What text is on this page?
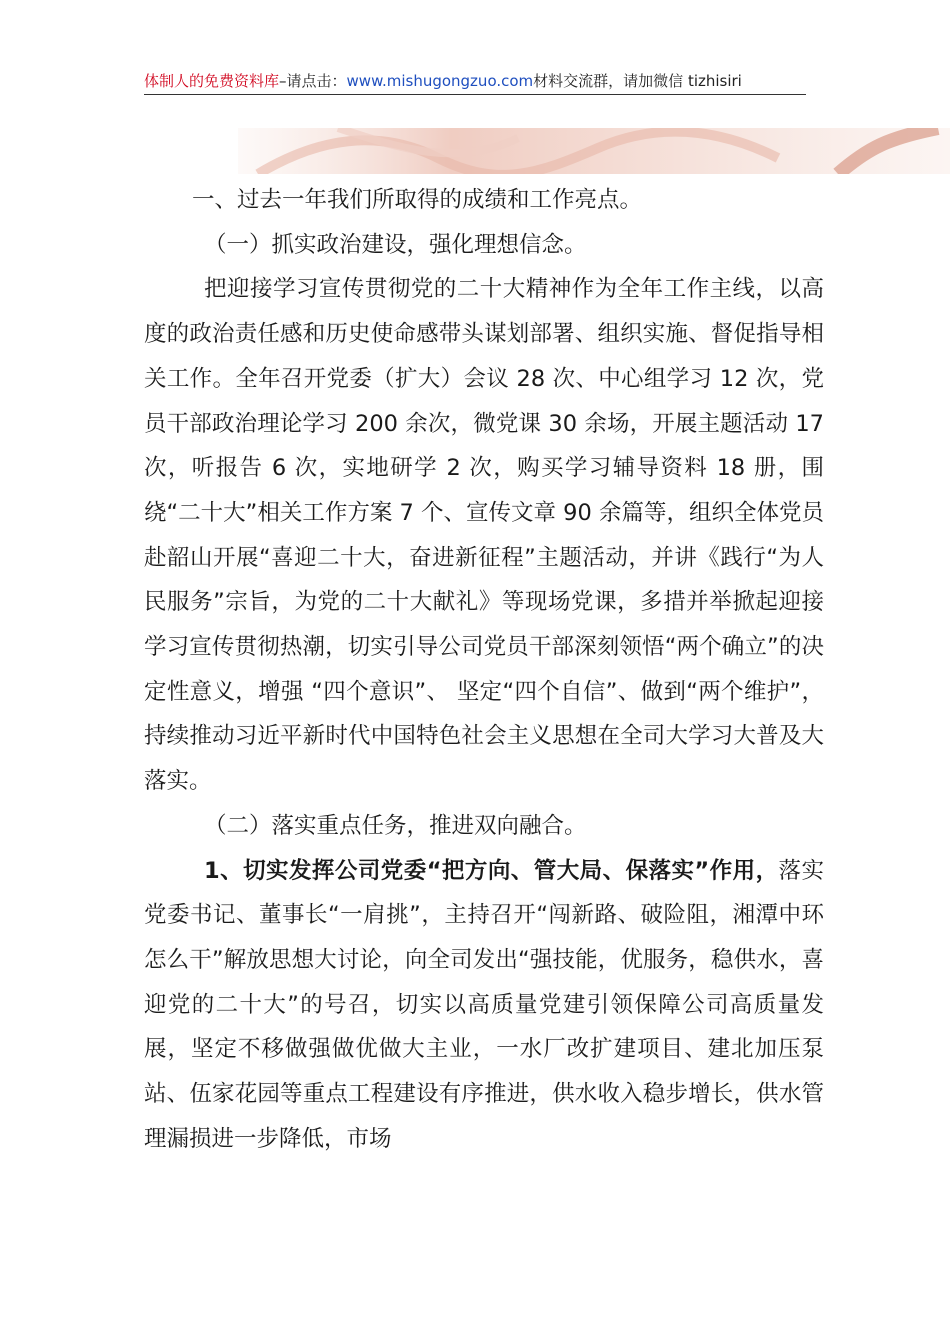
体制人的免费资料库–请点击：www.mishugongzuo.com材料交流群，请加微信 tizhisiri

一、过去一年我们所取得的成绩和工作亮点。

（一）抓实政治建设，强化理想信念。

把迎接学习宣传贯彻党的二十大精神作为全年工作主线，以高度的政治责任感和历史使命感带头谋划部署、组织实施、督促指导相关工作。全年召开党委（扩大）会议 28 次、中心组学习 12 次，党员干部政治理论学习 200 余次，微党课 30 余场，开展主题活动 17 次，听报告 6 次，实地研学 2 次，购买学习辅导资料 18 册，围绕“二十大”相关工作方案 7 个、宣传文章 90 余篇等，组织全体党员赴韶山开展“喜迎二十大，奋进新征程”主题活动，并讲《践行“为人民服务”宗旨，为党的二十大献礼》等现场党课，多措并举掀起迎接学习宣传贯彻热潮，切实引导公司党员干部深刻领悟“两个确立”的决定性意义，增强 “四个意识”、 坚定“四个自信”、做到“两个维护”，持续推动习近平新时代中国特色社会主义思想在全司大学习大普及大落实。

（二）落实重点任务，推进双向融合。

1、切实发挥公司党委“把方向、管大局、保落实”作用，落实党委书记、董事长“一肩挑”，主持召开“闯新路、破险阻，湘潭中环怎么干”解放思想大讨论，向全司发出“强技能，优服务，稳供水，喜迎党的二十大”的号召，切实以高质量党建引领保障公司高质量发展，坚定不移做强做优做大主业，一水厂改扩建项目、建北加压泵站、伍家花园等重点工程建设有序推进，供水收入稳步增长，供水管理漏损进一步降低，市场
